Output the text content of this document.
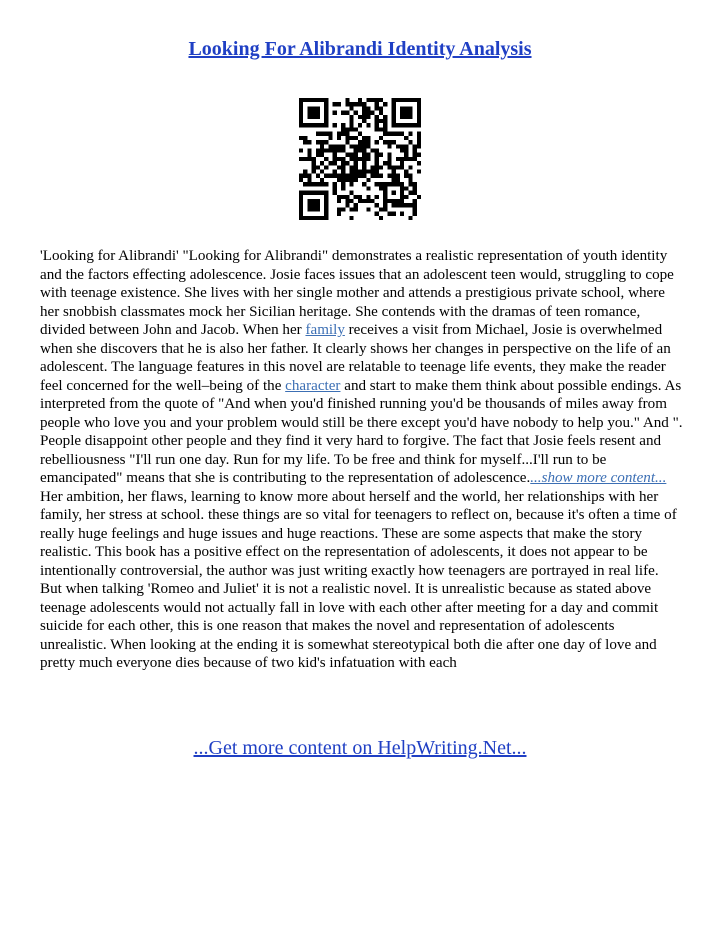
Looking For Alibrandi Identity Analysis

'Looking for Alibrandi' "Looking for Alibrandi" demonstrates a realistic representation of youth identity and the factors effecting adolescence. Josie faces issues that an adolescent teen would, struggling to cope with teenage existence. She lives with her single mother and attends a prestigious private school, where her snobbish classmates mock her Sicilian heritage. She contends with the dramas of teen romance, divided between John and Jacob. When her family receives a visit from Michael, Josie is overwhelmed when she discovers that he is also her father. It clearly shows her changes in perspective on the life of an adolescent. The language features in this novel are relatable to teenage life events, they make the reader feel concerned for the well–being of the character and start to make them think about possible endings. As interpreted from the quote of "And when you'd finished running you'd be thousands of miles away from people who love you and your problem would still be there except you'd have nobody to help you." And ". People disappoint other people and they find it very hard to forgive. The fact that Josie feels resent and rebelliousness "I'll run one day. Run for my life. To be free and think for myself...I'll run to be emancipated" means that she is contributing to the representation of adolescence....show more content...

Her ambition, her flaws, learning to know more about herself and the world, her relationships with her family, her stress at school. these things are so vital for teenagers to reflect on, because it's often a time of really huge feelings and huge issues and huge reactions. These are some aspects that make the story realistic. This book has a positive effect on the representation of adolescents, it does not appear to be intentionally controversial, the author was just writing exactly how teenagers are portrayed in real life. But when talking 'Romeo and Juliet' it is not a realistic novel. It is unrealistic because as stated above teenage adolescents would not actually fall in love with each other after meeting for a day and commit suicide for each other, this is one reason that makes the novel and representation of adolescents unrealistic. When looking at the ending it is somewhat stereotypical both die after one day of love and pretty much everyone dies because of two kid's infatuation with each

...Get more content on HelpWriting.Net...
